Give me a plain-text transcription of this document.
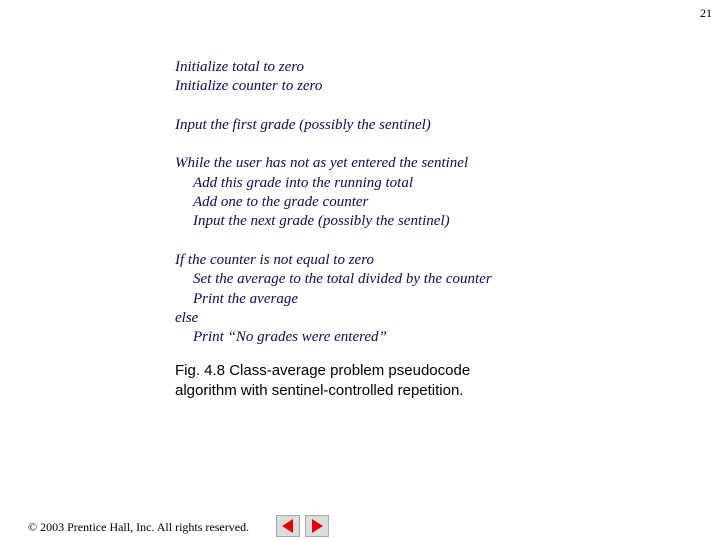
21
Initialize total to zero
Initialize counter to zero
Input the first grade (possibly the sentinel)
While the user has not as yet entered the sentinel
Add this grade into the running total
Add one to the grade counter
Input the next grade (possibly the sentinel)
If the counter is not equal to zero
Set the average to the total divided by the counter
Print the average
else
Print “No grades were entered”
Fig. 4.8 Class-average problem pseudocode
algorithm with sentinel-controlled repetition.
© 2003 Prentice Hall, Inc. All rights reserved.
